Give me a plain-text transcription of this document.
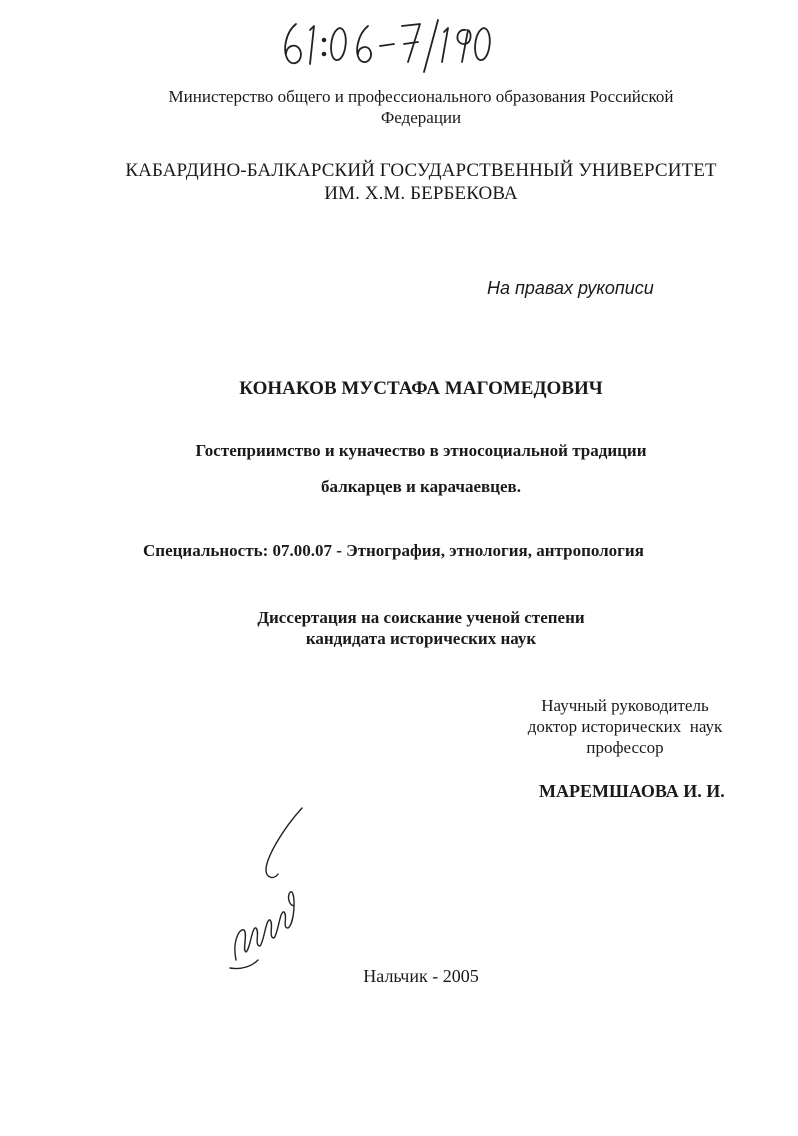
Министерство общего и профессионального образования Российской
Федерации
КАБАРДИНО-БАЛКАРСКИЙ ГОСУДАРСТВЕННЫЙ УНИВЕРСИТЕТ
ИМ. Х.М. БЕРБЕКОВА
На правах рукописи
КОНАКОВ МУСТАФА МАГОМЕДОВИЧ
Гостеприимство и куначество в этносоциальной традиции
балкарцев и карачаевцев.
Специальность: 07.00.07 - Этнография, этнология, антропология
Диссертация на соискание ученой степени
кандидата исторических наук
Научный руководитель
доктор исторических  наук
профессор
МАРЕМШАОВА И. И.
Нальчик - 2005
